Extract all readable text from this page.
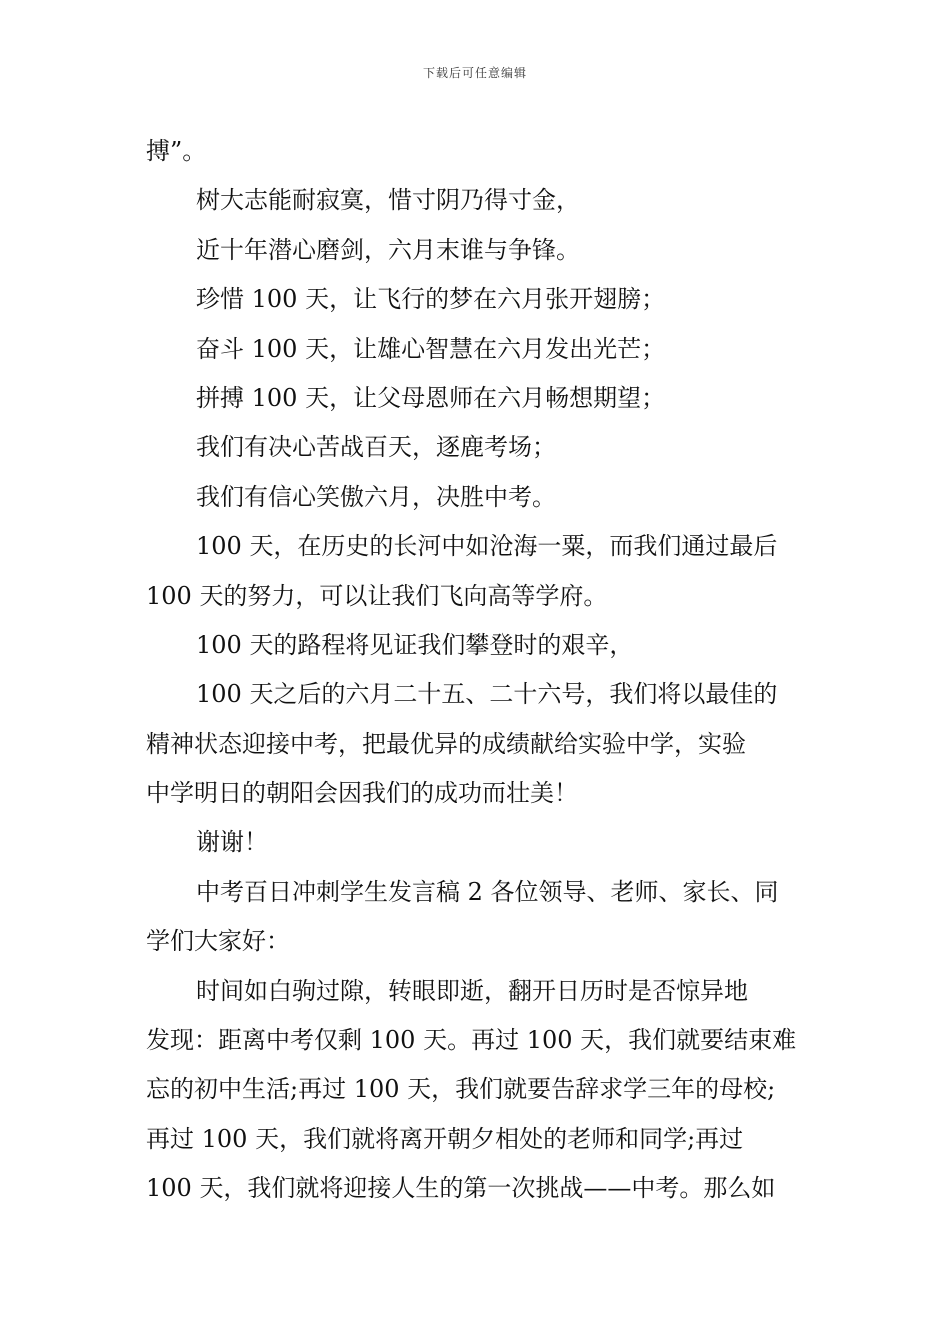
下载后可任意编辑
搏”。
树大志能耐寂寞，惜寸阴乃得寸金，
近十年潜心磨剑，六月末谁与争锋。
珍惜 100 天，让飞行的梦在六月张开翅膀；
奋斗 100 天，让雄心智慧在六月发出光芒；
拼搏 100 天，让父母恩师在六月畅想期望；
我们有决心苦战百天，逐鹿考场；
我们有信心笑傲六月，决胜中考。
100 天，在历史的长河中如沧海一粟，而我们通过最后
100 天的努力，可以让我们飞向高等学府。
100 天的路程将见证我们攀登时的艰辛，
100 天之后的六月二十五、二十六号，我们将以最佳的
精神状态迎接中考，把最优异的成绩献给实验中学，实验
中学明日的朝阳会因我们的成功而壮美！
谢谢！
中考百日冲刺学生发言稿 2 各位领导、老师、家长、同
学们大家好：
时间如白驹过隙，转眼即逝，翻开日历时是否惊异地
发现：距离中考仅剩 100 天。再过 100 天，我们就要结束难
忘的初中生活;再过 100 天，我们就要告辞求学三年的母校;
再过 100 天，我们就将离开朝夕相处的老师和同学;再过
100 天，我们就将迎接人生的第一次挑战——中考。那么如
